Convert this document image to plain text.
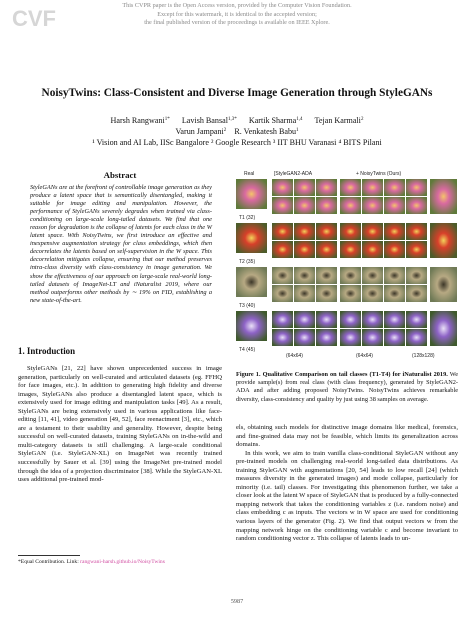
CVF
This CVPR paper is the Open Access version, provided by the Computer Vision Foundation.
Except for this watermark, it is identical to the accepted version;
the final published version of the proceedings is available on IEEE Xplore.
NoisyTwins: Class-Consistent and Diverse Image Generation through StyleGANs
Harsh Rangwani$^{1*}$ Lavish Bansal$^{1,3*}$ Kartik Sharma$^{1,4}$ Tejan Karmali$^2$
Varun Jampani$^2$ R. Venkatesh Babu$^1$
¹ Vision and AI Lab, IISc Bangalore ² Google Research ³ IIT BHU Varanasi ⁴ BITS Pilani
Abstract
StyleGANs are at the forefront of controllable image generation as they produce a latent space that is semantically disentangled, making it suitable for image editing and manipulation. However, the performance of StyleGANs severely degrades when trained via class-conditioning on large-scale long-tailed datasets. We find that one reason for degradation is the collapse of latents for each class in the W latent space. With NoisyTwins, we first introduce an effective and inexpensive augmentation strategy for class embeddings, which then decorrelates the latents based on self-supervision in the W space. This decorrelation mitigates collapse, ensuring that our method preserves intra-class diversity with class-consistency in image generation. We show the effectiveness of our approach on large-scale real-world long-tailed datasets of ImageNet-LT and iNaturalist 2019, where our method outperforms other methods by ∼ 19% on FID, establishing a new state-of-the-art.
Real	[StyleGAN2-ADA	+ NoisyTwins (Ours)
T1 (32)
T2 (35)
T3 (40)
T4 (45)
(64x64)	(64x64)	(128x128)
Figure 1. Qualitative Comparison on tail classes (T1-T4) for iNaturalist 2019. We provide sample(s) from real class (with class frequency), generated by StyleGAN2-ADA and after adding proposed NoisyTwins. NoisyTwins achieves remarkable diversity, class-consistency and quality by just using 38 samples on average.
1. Introduction

StyleGANs [21, 22] have shown unprecedented success in image generation, particularly on well-curated and articulated datasets (eg. FFHQ for face images, etc.). In addition to generating high fidelity and diverse images, StyleGANs also produce a disentangled latent space, which is extensively used for image editing and manipulation tasks [49]. As a result, StyleGANs are being extensively used in various applications like face-editing [11, 41], video generation [49, 52], face reenactment [3], etc., which are a testament to their usability and generality. However, despite being successful on well-curated datasets, training StyleGANs on in-the-wild and multi-category datasets is still challenging. A large-scale conditional StyleGAN (i.e. StyleGAN-XL) on ImageNet was recently trained successfully by Sauer et al. [39] using the ImageNet pre-trained model through the idea of a projection discriminator [38]. While the StyleGAN-XL uses additional pre-trained mod-

els, obtaining such models for distinctive image domains like medical, forensics, and fine-grained data may not be feasible, which limits its generalization across domains.

In this work, we aim to train vanilla class-conditional StyleGAN without any pre-trained models on challenging real-world long-tailed data distributions. As training StyleGAN with augmentations [20, 54] leads to low recall [24] (which measures diversity in the generated images) and mode collapse, particularly for minority (i.e. tail) classes. For investigating this phenomenon further, we take a closer look at the latent W space of StyleGAN that is produced by a fully-connected mapping network that takes the conditioning variables z (i.e. random noise) and class embedding c as inputs. The vectors w in W space are used for conditioning various layers of the generator (Fig. 2). We find that output vectors w from the mapping network hinge on the conditioning variable c and become invariant to random conditioning vector z. This collapse of latents leads to un-

*Equal Contribution. Link: rangwani-harsh.github.io/NoisyTwins
5987
